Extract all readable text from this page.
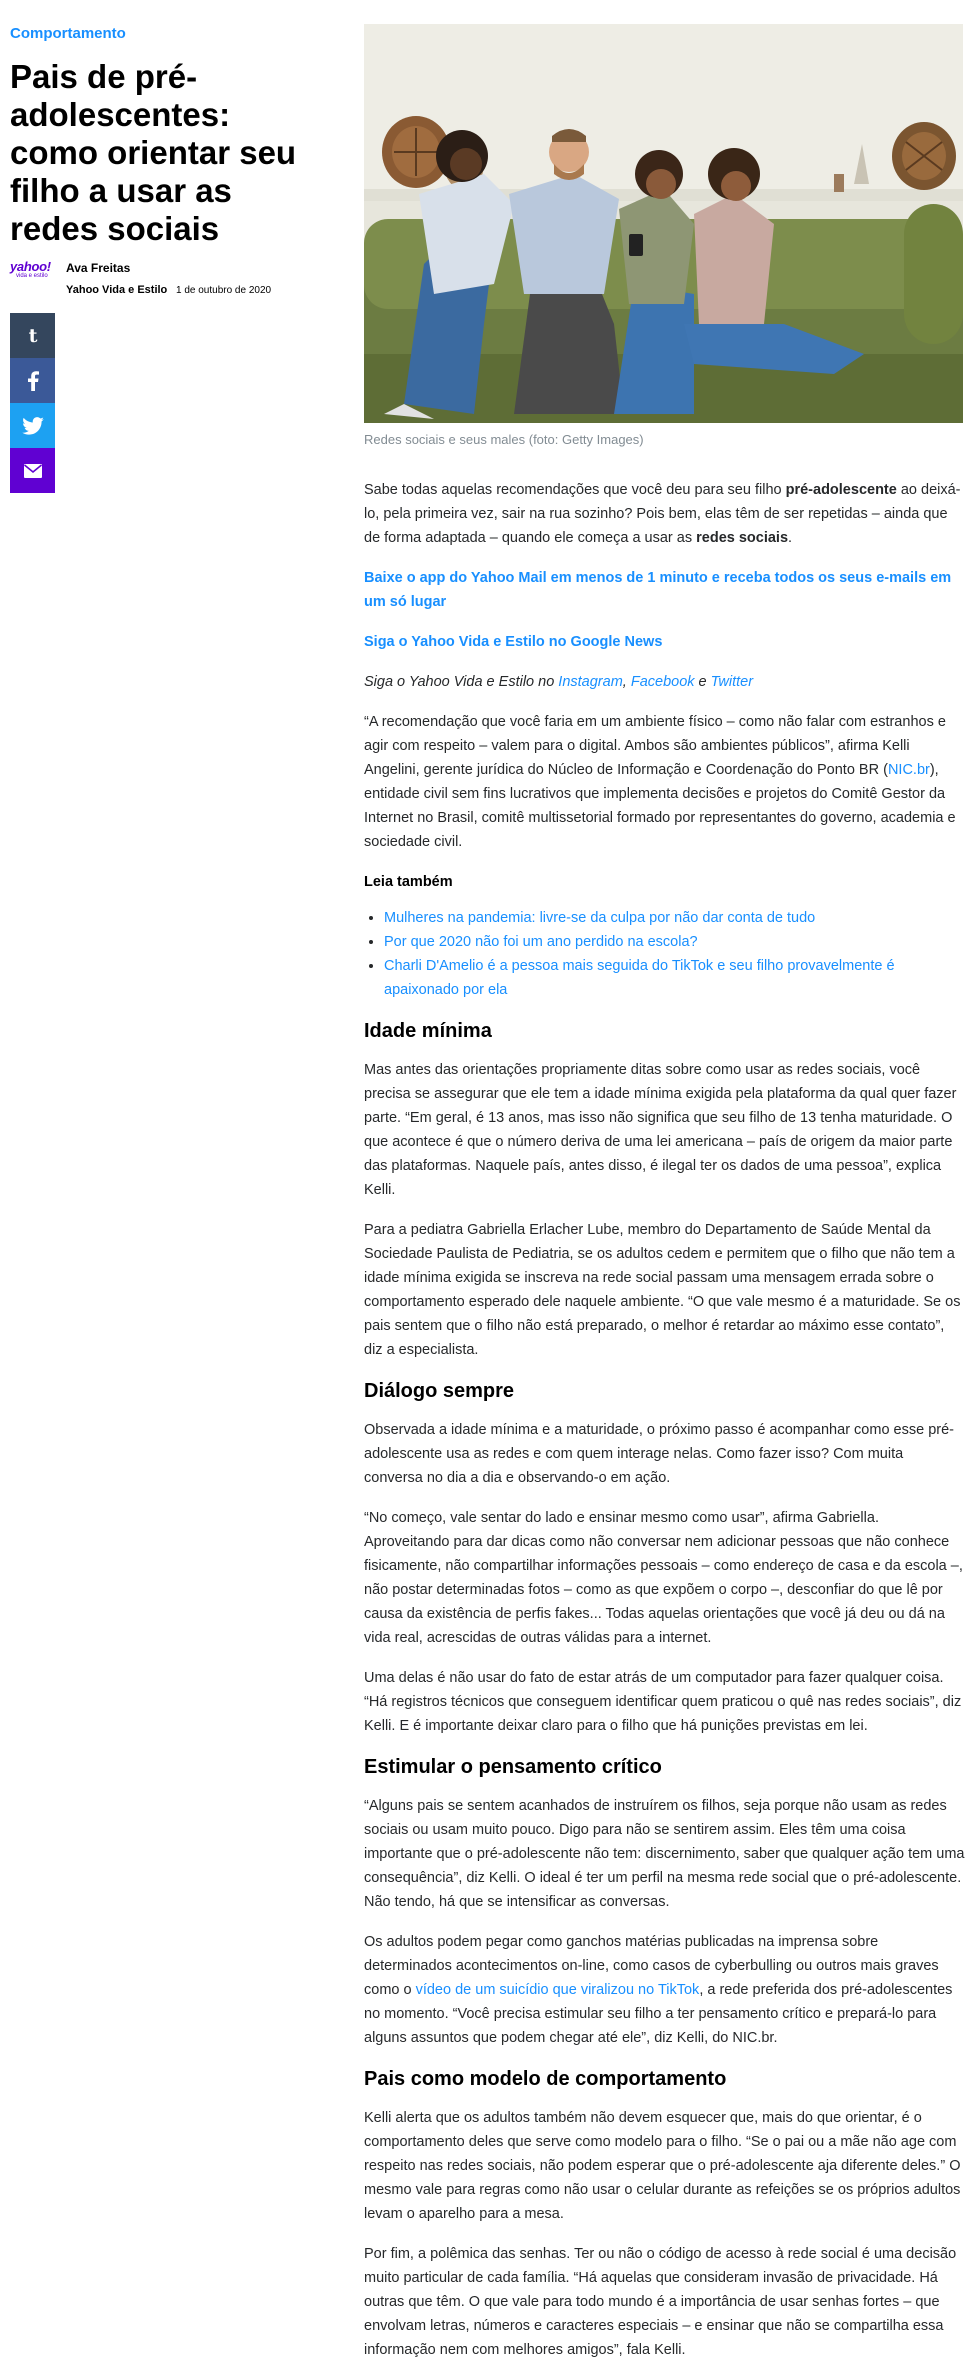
Comportamento
Pais de pré-adolescentes: como orientar seu filho a usar as redes sociais
yahoo!
vida e estilo
Ava Freitas
Yahoo Vida e Estilo 1 de outubro de 2020
t
Redes sociais e seus males (foto: Getty Images)

Sabe todas aquelas recomendações que você deu para seu filho pré-adolescente ao deixá-lo, pela primeira vez, sair na rua sozinho? Pois bem, elas têm de ser repetidas – ainda que de forma adaptada – quando ele começa a usar as redes sociais.

Baixe o app do Yahoo Mail em menos de 1 minuto e receba todos os seus e-mails em um só lugar

Siga o Yahoo Vida e Estilo no Google News

Siga o Yahoo Vida e Estilo no Instagram, Facebook e Twitter

“A recomendação que você faria em um ambiente físico – como não falar com estranhos e agir com respeito – valem para o digital. Ambos são ambientes públicos”, afirma Kelli Angelini, gerente jurídica do Núcleo de Informação e Coordenação do Ponto BR (NIC.br), entidade civil sem fins lucrativos que implementa decisões e projetos do Comitê Gestor da Internet no Brasil, comitê multissetorial formado por representantes do governo, academia e sociedade civil.

Leia também
• Mulheres na pandemia: livre-se da culpa por não dar conta de tudo
• Por que 2020 não foi um ano perdido na escola?
• Charli D'Amelio é a pessoa mais seguida do TikTok e seu filho provavelmente é apaixonado por ela
Idade mínima

Mas antes das orientações propriamente ditas sobre como usar as redes sociais, você precisa se assegurar que ele tem a idade mínima exigida pela plataforma da qual quer fazer parte. “Em geral, é 13 anos, mas isso não significa que seu filho de 13 tenha maturidade. O que acontece é que o número deriva de uma lei americana – país de origem da maior parte das plataformas. Naquele país, antes disso, é ilegal ter os dados de uma pessoa”, explica Kelli.

Para a pediatra Gabriella Erlacher Lube, membro do Departamento de Saúde Mental da Sociedade Paulista de Pediatria, se os adultos cedem e permitem que o filho que não tem a idade mínima exigida se inscreva na rede social passam uma mensagem errada sobre o comportamento esperado dele naquele ambiente. “O que vale mesmo é a maturidade. Se os pais sentem que o filho não está preparado, o melhor é retardar ao máximo esse contato”, diz a especialista.

Diálogo sempre

Observada a idade mínima e a maturidade, o próximo passo é acompanhar como esse pré-adolescente usa as redes e com quem interage nelas. Como fazer isso? Com muita conversa no dia a dia e observando-o em ação.

“No começo, vale sentar do lado e ensinar mesmo como usar”, afirma Gabriella. Aproveitando para dar dicas como não conversar nem adicionar pessoas que não conhece fisicamente, não compartilhar informações pessoais – como endereço de casa e da escola –, não postar determinadas fotos – como as que expõem o corpo –, desconfiar do que lê por causa da existência de perfis fakes... Todas aquelas orientações que você já deu ou dá na vida real, acrescidas de outras válidas para a internet.

Uma delas é não usar do fato de estar atrás de um computador para fazer qualquer coisa. “Há registros técnicos que conseguem identificar quem praticou o quê nas redes sociais”, diz Kelli. E é importante deixar claro para o filho que há punições previstas em lei.

Estimular o pensamento crítico

“Alguns pais se sentem acanhados de instruírem os filhos, seja porque não usam as redes sociais ou usam muito pouco. Digo para não se sentirem assim. Eles têm uma coisa importante que o pré-adolescente não tem: discernimento, saber que qualquer ação tem uma consequência”, diz Kelli. O ideal é ter um perfil na mesma rede social que o pré-adolescente. Não tendo, há que se intensificar as conversas.

Os adultos podem pegar como ganchos matérias publicadas na imprensa sobre determinados acontecimentos on-line, como casos de cyberbulling ou outros mais graves como o vídeo de um suicídio que viralizou no TikTok, a rede preferida dos pré-adolescentes no momento. “Você precisa estimular seu filho a ter pensamento crítico e prepará-lo para alguns assuntos que podem chegar até ele”, diz Kelli, do NIC.br.

Pais como modelo de comportamento

Kelli alerta que os adultos também não devem esquecer que, mais do que orientar, é o comportamento deles que serve como modelo para o filho. “Se o pai ou a mãe não age com respeito nas redes sociais, não podem esperar que o pré-adolescente aja diferente deles.” O mesmo vale para regras como não usar o celular durante as refeições se os próprios adultos levam o aparelho para a mesa.

Por fim, a polêmica das senhas. Ter ou não o código de acesso à rede social é uma decisão muito particular de cada família. “Há aquelas que consideram invasão de privacidade. Há outras que têm. O que vale para todo mundo é a importância de usar senhas fortes – que envolvam letras, números e caracteres especiais – e ensinar que não se compartilha essa informação nem com melhores amigos”, fala Kelli.
